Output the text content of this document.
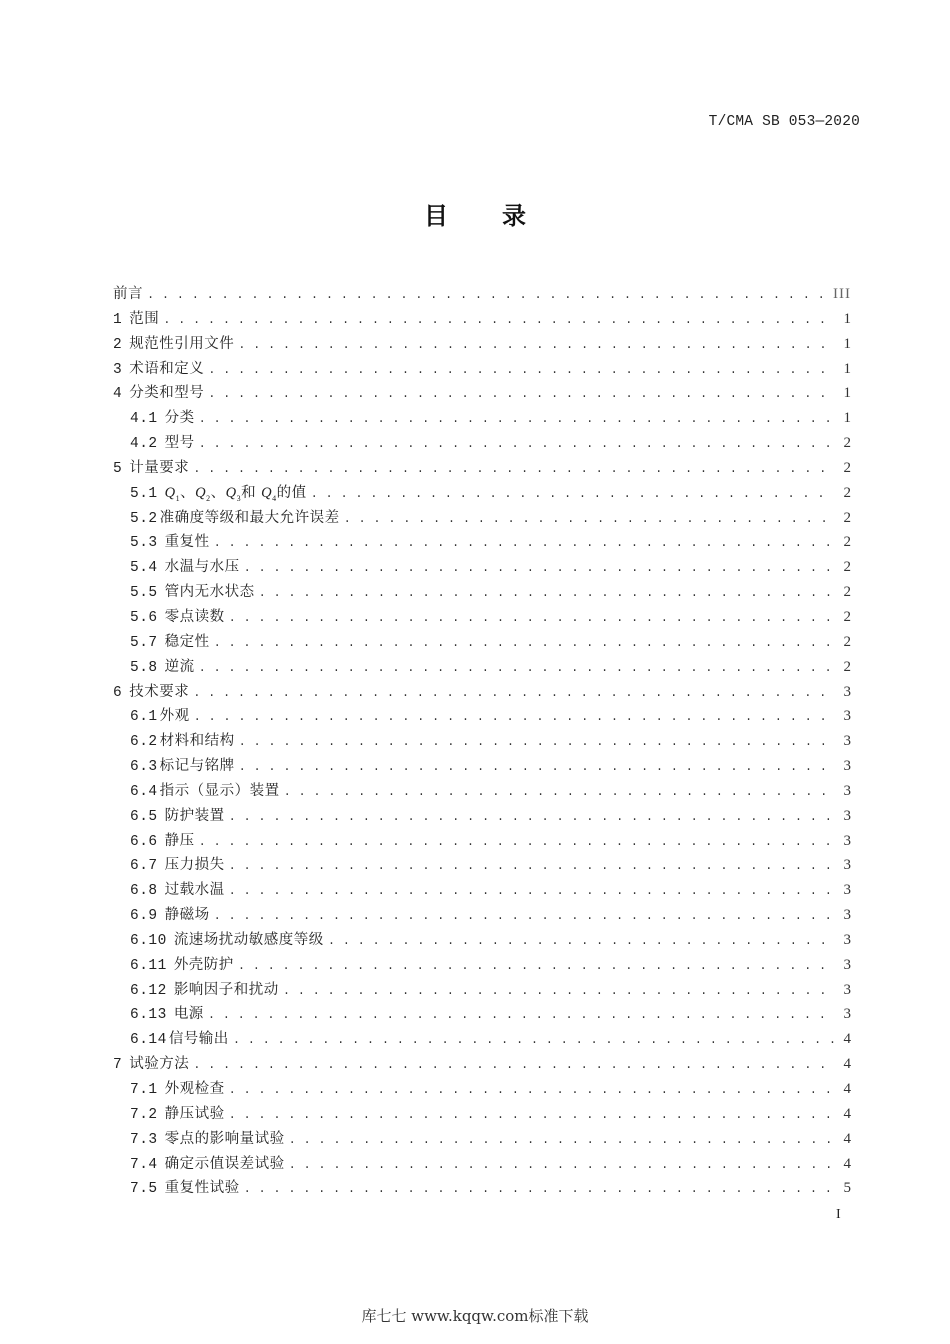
T/CMA SB 053—2020
目录
前言 . . .	III
1 范围 . . .	1
2 规范性引用文件 . . .	1
3 术语和定义 . . .	1
4 分类和型号 . . .	1
4.1 分类 . . .	1
4.2 型号 . . .	2
5 计量要求 . . .	2
5.1 $Q_1$、$Q_2$、$Q_3$和 $Q_4$的值 . . .	2
5.2 准确度等级和最大允许误差 . . .	2
5.3 重复性 . . .	2
5.4 水温与水压 . . .	2
5.5 管内无水状态 . . .	2
5.6 零点读数 . . .	2
5.7 稳定性 . . .	2
5.8 逆流 . . .	2
6 技术要求 . . .	3
6.1 外观 . . .	3
6.2 材料和结构 . . .	3
6.3 标记与铭牌 . . .	3
6.4 指示（显示）装置 . . .	3
6.5 防护装置 . . .	3
6.6 静压 . . .	3
6.7 压力损失 . . .	3
6.8 过载水温 . . .	3
6.9 静磁场 . . .	3
6.10 流速场扰动敏感度等级 . . .	3
6.11 外壳防护 . . .	3
6.12 影响因子和扰动 . . .	3
6.13 电源 . . .	3
6.14 信号输出 . . .	4
7 试验方法 . . .	4
7.1 外观检查 . . .	4
7.2 静压试验 . . .	4
7.3 零点的影响量试验 . . .	4
7.4 确定示值误差试验 . . .	4
7.5 重复性试验 . . .	5
I
库七七 www.kqqw.com标准下载
